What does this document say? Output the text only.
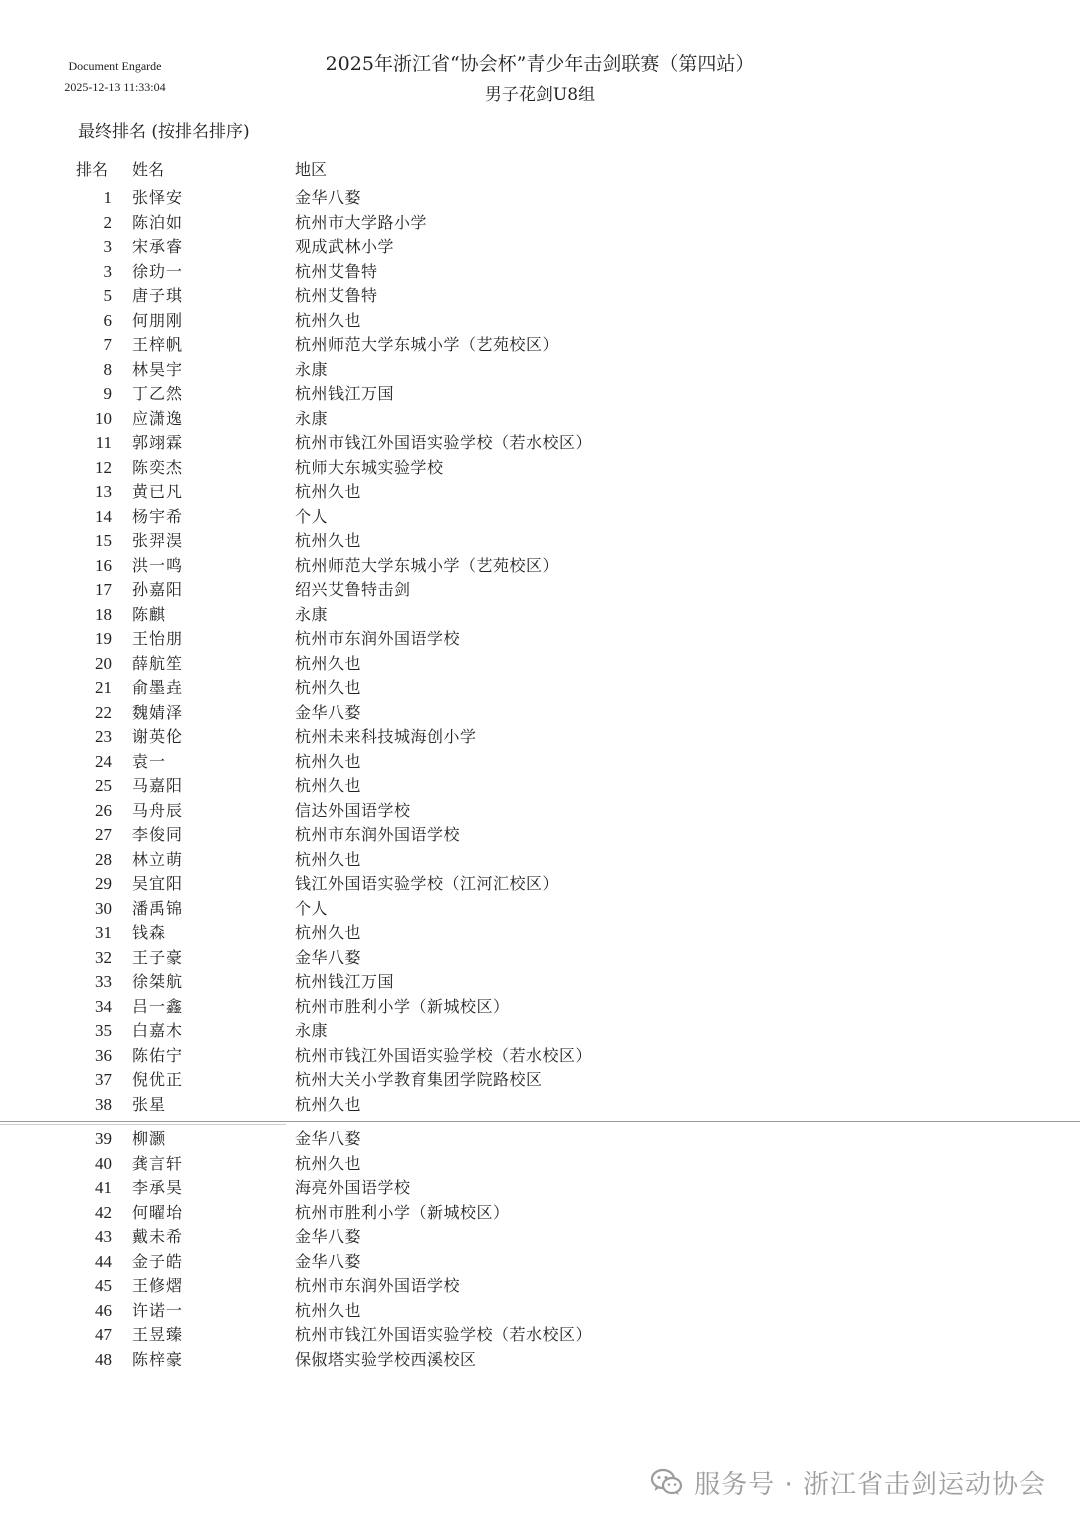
Document Engarde
2025-12-13 11:33:04
2025年浙江省“协会杯”青少年击剑联赛（第四站）
男子花剑U8组
最终排名 (按排名排序)
排名 姓名	地区
1 张怿安	金华八婺
2 陈泊如	杭州市大学路小学
3 宋承睿	观成武林小学
3 徐玏一	杭州艾鲁特
5 唐子琪	杭州艾鲁特
6 何朋刚	杭州久也
7 王梓帆	杭州师范大学东城小学（艺苑校区）
8 林昊宇	永康
9 丁乙然	杭州钱江万国
10 应潇逸	永康
11 郭翊霖	杭州市钱江外国语实验学校（若水校区）
12 陈奕杰	杭师大东城实验学校
13 黄已凡	杭州久也
14 杨宇希	个人
15 张羿淏	杭州久也
16 洪一鸣	杭州师范大学东城小学（艺苑校区）
17 孙嘉阳	绍兴艾鲁特击剑
18 陈麒	永康
19 王怡朋	杭州市东润外国语学校
20 薛航笙	杭州久也
21 俞墨垚	杭州久也
22 魏婧泽	金华八婺
23 谢英伦	杭州未来科技城海创小学
24 袁一	杭州久也
25 马嘉阳	杭州久也
26 马舟辰	信达外国语学校
27 李俊同	杭州市东润外国语学校
28 林立萌	杭州久也
29 吴宜阳	钱江外国语实验学校（江河汇校区）
30 潘禹锦	个人
31 钱森	杭州久也
32 王子豪	金华八婺
33 徐桀航	杭州钱江万国
34 吕一鑫	杭州市胜利小学（新城校区）
35 白嘉木	永康
36 陈佑宁	杭州市钱江外国语实验学校（若水校区）
37 倪优正	杭州大关小学教育集团学院路校区
38 张星	杭州久也
39 柳灏	金华八婺
40 龚言轩	杭州久也
41 李承昊	海亮外国语学校
42 何曜坮	杭州市胜利小学（新城校区）
43 戴未希	金华八婺
44 金子皓	金华八婺
45 王修熠	杭州市东润外国语学校
46 许诺一	杭州久也
47 王昱臻	杭州市钱江外国语实验学校（若水校区）
48 陈梓豪	保俶塔实验学校西溪校区
服务号 · 浙江省击剑运动协会
